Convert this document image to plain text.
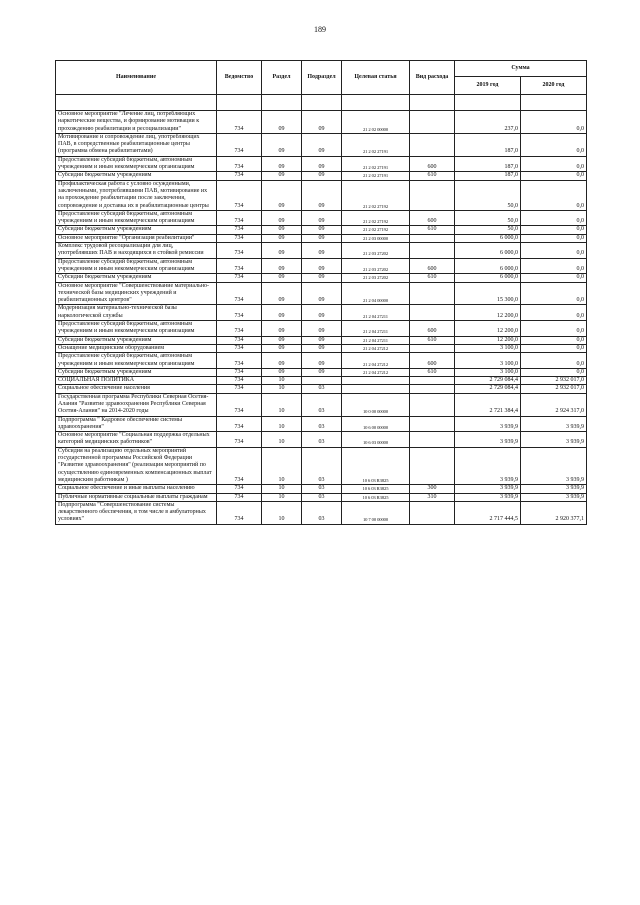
189
Наименование	Ведомство	Раздел	Подраздел	Целевая статья	Вид расхода	Сумма	
						2019 год	2020 год

Основное мероприятие "Лечение лиц, потребляющих наркотические вещества, и формирование мотивации к прохождению реабилитации и ресоциализации"	734	09	09	21 2 02 00000		237,0	0,0
Мотивирование и сопровождение лиц, употребляющих ПАВ, в сопредственные реабилитационные центры (программа обмена реабилитантами)	734	09	09	21 2 02 27191		187,0	0,0
Предоставление субсидий бюджетным, автономным учреждениям и иным некоммерческим организациям	734	09	09	21 2 02 27191	600	187,0	0,0
Субсидии бюджетным учреждениям	734	09	09	21 2 02 27191	610	187,0	0,0
Профилактическая работа с условно осужденными, заключенными, употреблявшими ПАВ, мотивирование их на прохождение реабилитации после заключения, сопровождение и доставка их в реабилитационные центры	734	09	09	21 2 02 27192		50,0	0,0
Предоставление субсидий бюджетным, автономным учреждениям и иным некоммерческим организациям	734	09	09	21 2 02 27192	600	50,0	0,0
Субсидии бюджетным учреждениям	734	09	09	21 2 02 27192	610	50,0	0,0
Основное мероприятие "Организация реабилитации"	734	09	09	21 2 03 00000		6 000,0	0,0
Комплекс трудовой ресоциализации для лиц, употреблявших ПАВ и находящихся в стойкой ремиссии	734	09	09	21 2 03 27202		6 000,0	0,0
Предоставление субсидий бюджетным, автономным учреждениям и иным некоммерческим организациям	734	09	09	21 2 03 27202	600	6 000,0	0,0
Субсидии бюджетным учреждениям	734	09	09	21 2 03 27202	610	6 000,0	0,0
Основное мероприятие "Совершенствование материально-технической базы медицинских учреждений и реабилитационных центров"	734	09	09	21 2 04 00000		15 300,0	0,0
Модернизация материально-технической базы наркологической службы	734	09	09	21 2 04 27211		12 200,0	0,0
Предоставление субсидий бюджетным, автономным учреждениям и иным некоммерческим организациям	734	09	09	21 2 04 27211	600	12 200,0	0,0
Субсидии бюджетным учреждениям	734	09	09	21 2 04 27211	610	12 200,0	0,0
Оснащение медицинским оборудованием	734	09	09	21 2 04 27212		3 100,0	0,0
Предоставление субсидий бюджетным, автономным учреждениям и иным некоммерческим организациям	734	09	09	21 2 04 27212	600	3 100,0	0,0
Субсидии бюджетным учреждениям	734	09	09	21 2 04 27212	610	3 100,0	0,0
СОЦИАЛЬНАЯ ПОЛИТИКА	734	10				2 729 084,4	2 932 017,0
Социальное обеспечение населения	734	10	03			2 729 084,4	2 932 017,0
Государственная программа Республики Северная Осетия-Алания "Развитие здравоохранения Республики Северная Осетия-Алания" на 2014-2020 годы	734	10	03	10 0 00 00000		2 721 384,4	2 924 317,0
Подпрограмма " Кадровое обеспечение системы здравоохранения"	734	10	03	10 6 00 00000		3 939,9	3 939,9
Основное мероприятие "Социальная поддержка отдельных категорий медицинских работников"	734	10	03	10 6 03 00000		3 939,9	3 939,9
Субсидия на реализацию отдельных мероприятий государственной программы Российской Федерации "Развитие здравоохранения" (реализация мероприятий по осуществлению единовременных компенсационных выплат медицинским работникам )	734	10	03	10 6 03 R3825		3 939,9	3 939,9
Социальное обеспечение и иные выплаты населению	734	10	03	10 6 03 R3825	300	3 939,9	3 939,9
Публичные нормативные социальные выплаты гражданам	734	10	03	10 6 03 R3825	310	3 939,9	3 939,9
Подпрограмма "Совершенствование системы лекарственного обеспечения, в том числе в амбулаторных условиях"	734	10	03	10 7 00 00000		2 717 444,5	2 920 377,1
